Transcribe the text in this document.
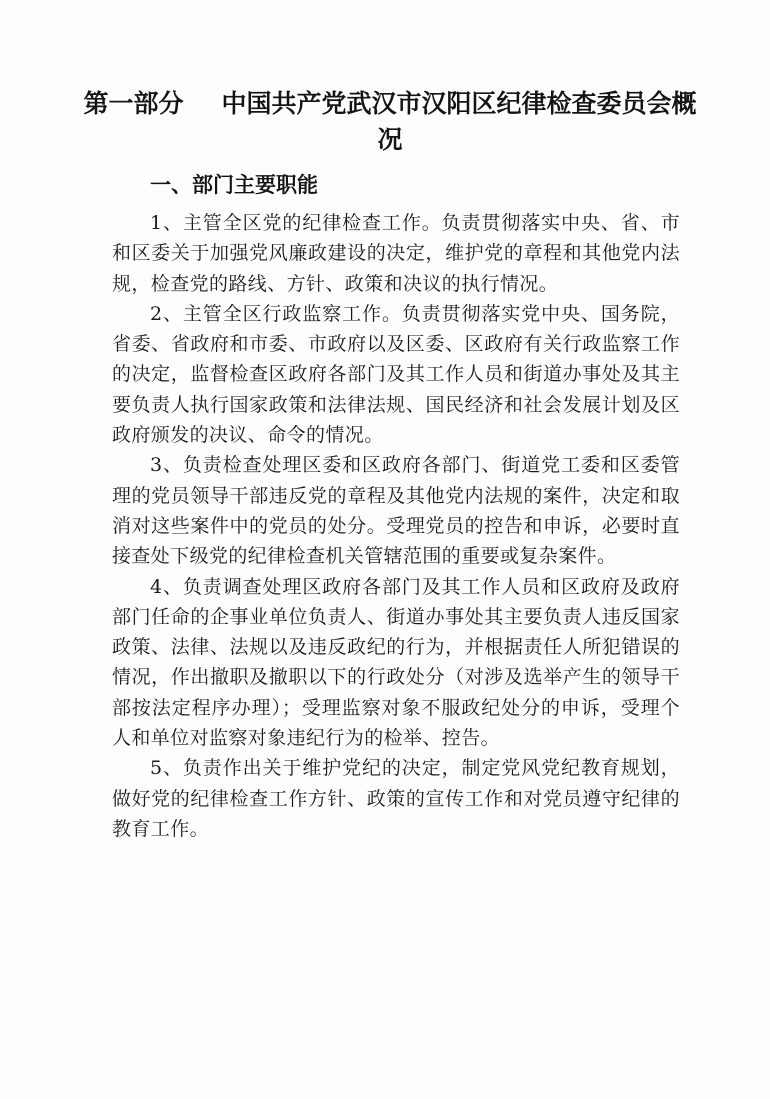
第一部分 中国共产党武汉市汉阳区纪律检查委员会概况
一、部门主要职能

1、主管全区党的纪律检查工作。负责贯彻落实中央、省、市和区委关于加强党风廉政建设的决定，维护党的章程和其他党内法规，检查党的路线、方针、政策和决议的执行情况。

2、主管全区行政监察工作。负责贯彻落实党中央、国务院，省委、省政府和市委、市政府以及区委、区政府有关行政监察工作的决定，监督检查区政府各部门及其工作人员和街道办事处及其主要负责人执行国家政策和法律法规、国民经济和社会发展计划及区政府颁发的决议、命令的情况。

3、负责检查处理区委和区政府各部门、街道党工委和区委管理的党员领导干部违反党的章程及其他党内法规的案件，决定和取消对这些案件中的党员的处分。受理党员的控告和申诉，必要时直接查处下级党的纪律检查机关管辖范围的重要或复杂案件。

4、负责调查处理区政府各部门及其工作人员和区政府及政府部门任命的企事业单位负责人、街道办事处其主要负责人违反国家政策、法律、法规以及违反政纪的行为，并根据责任人所犯错误的情况，作出撤职及撤职以下的行政处分（对涉及选举产生的领导干部按法定程序办理）；受理监察对象不服政纪处分的申诉，受理个人和单位对监察对象违纪行为的检举、控告。

5、负责作出关于维护党纪的决定，制定党风党纪教育规划，做好党的纪律检查工作方针、政策的宣传工作和对党员遵守纪律的教育工作。
